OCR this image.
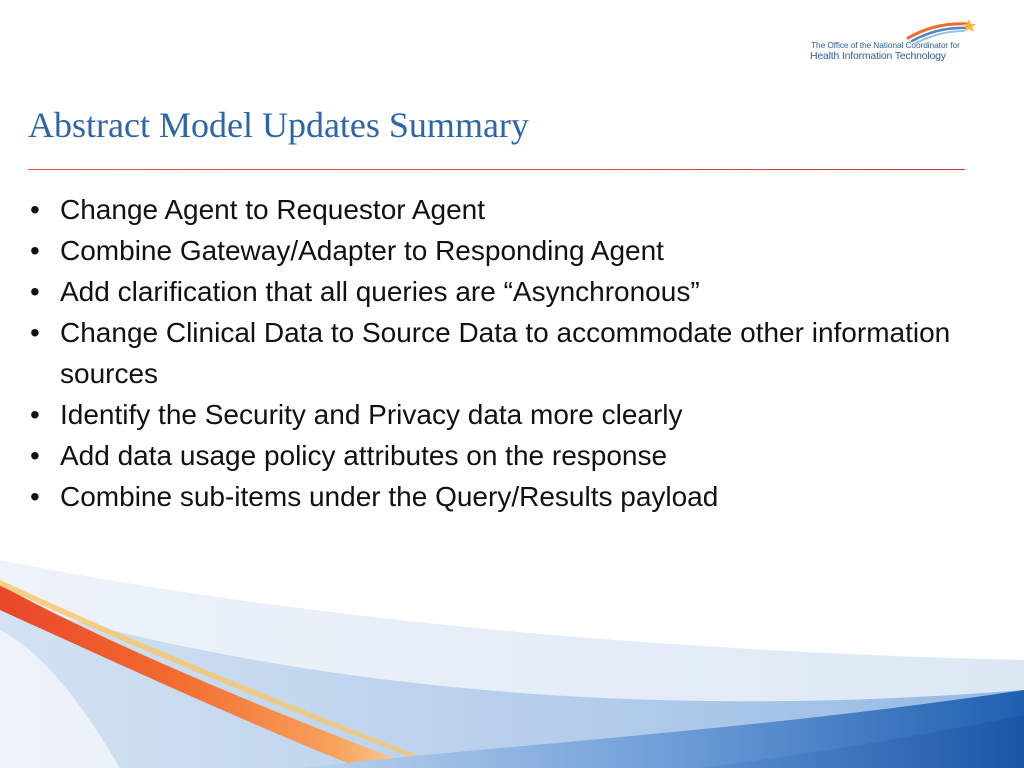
The Office of the National Coordinator for
Health Information Technology
Abstract Model Updates Summary
• Change Agent to Requestor Agent
• Combine Gateway/Adapter to Responding Agent
• Add clarification that all queries are “Asynchronous”
• Change Clinical Data to Source Data to accommodate other information sources
• Identify the Security and Privacy data more clearly
• Add data usage policy attributes on the response
• Combine sub-items under the Query/Results payload
